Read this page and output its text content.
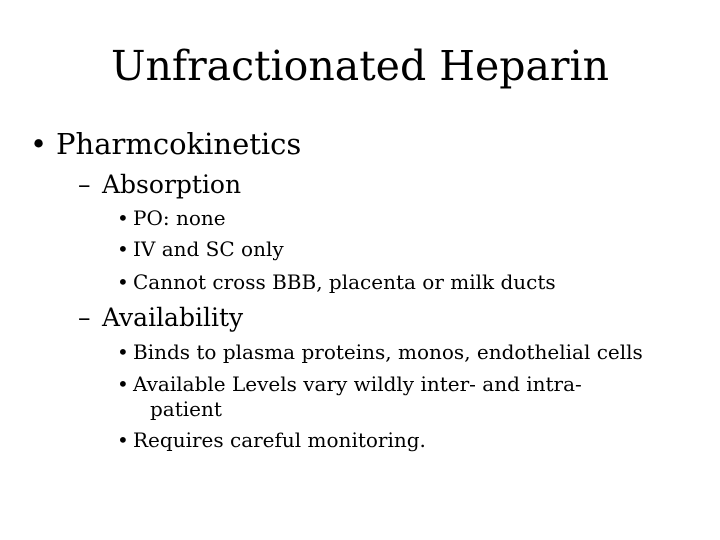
Unfractionated Heparin
• Pharmcokinetics
– Absorption
• PO: none
• IV and SC only
• Cannot cross BBB, placenta or milk ducts
– Availability
• Binds to plasma proteins, monos, endothelial cells
• Available Levels vary wildly inter- and intra-
patient
• Requires careful monitoring.
